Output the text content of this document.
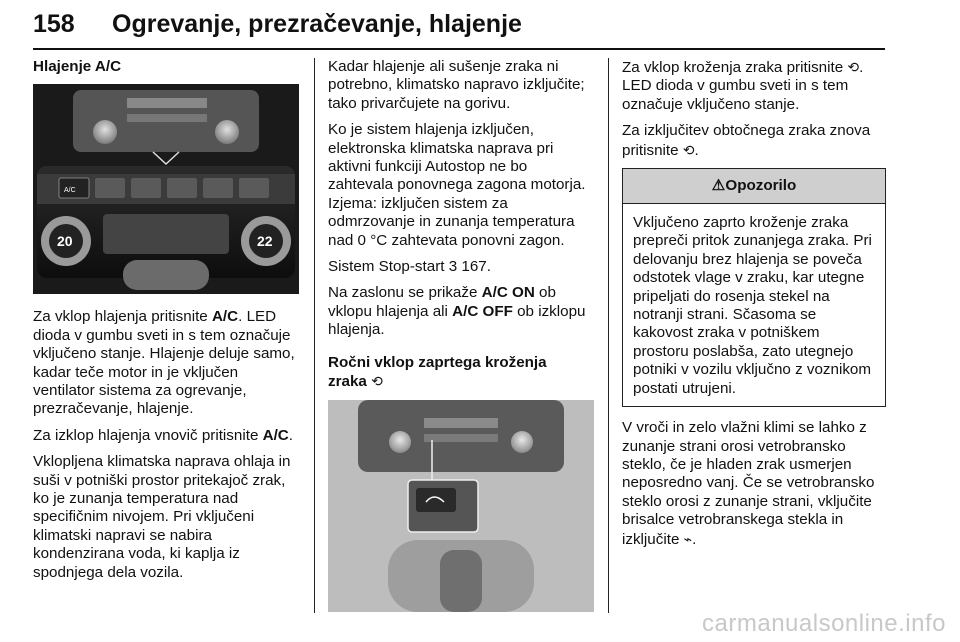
158 Ogrevanje, prezračevanje, hlajenje
Hlajenje A/C
A/C
20	22

Za vklop hlajenja pritisnite A/C. LED dioda v gumbu sveti in s tem označuje vključeno stanje. Hlajenje deluje samo, kadar teče motor in je vključen ventilator sistema za ogrevanje, prezračevanje, hlajenje.

Za izklop hlajenja vnovič pritisnite A/C.

Vklopljena klimatska naprava ohlaja in suši v potniški prostor pritekajoč zrak, ko je zunanja temperatura nad specifičnim nivojem. Pri vključeni klimatski napravi se nabira kondenzirana voda, ki kaplja iz spodnjega dela vozila.

Kadar hlajenje ali sušenje zraka ni potrebno, klimatsko napravo izključite; tako privarčujete na gorivu.

Ko je sistem hlajenja izključen, elektronska klimatska naprava pri aktivni funkciji Autostop ne bo zahtevala ponovnega zagona motorja. Izjema: izključen sistem za odmrzovanje in zunanja temperatura nad 0 °C zahtevata ponovni zagon.

Sistem Stop-start 3 167.

Na zaslonu se prikaže A/C ON ob vklopu hlajenja ali A/C OFF ob izklopu hlajenja.

Ročni vklop zaprtega kroženja
zraka ⟲

Za vklop kroženja zraka pritisnite ⟲. LED dioda v gumbu sveti in s tem označuje vključeno stanje.

Za izključitev obtočnega zraka znova pritisnite ⟲.

⚠ Opozorilo
Vključeno zaprto kroženje zraka prepreči pritok zunanjega zraka. Pri delovanju brez hlajenja se poveča odstotek vlage v zraku, kar utegne pripeljati do rosenja stekel na notranji strani. Sčasoma se kakovost zraka v potniškem prostoru poslabša, zato utegnejo potniki v vozilu vključno z voznikom postati utrujeni.

V vroči in zelo vlažni klimi se lahko z zunanje strani orosi vetrobransko steklo, če je hladen zrak usmerjen neposredno vanj. Če se vetrobransko steklo orosi z zunanje strani, vključite brisalce vetrobranskega stekla in izključite ⌁.

carmanualsonline.info
